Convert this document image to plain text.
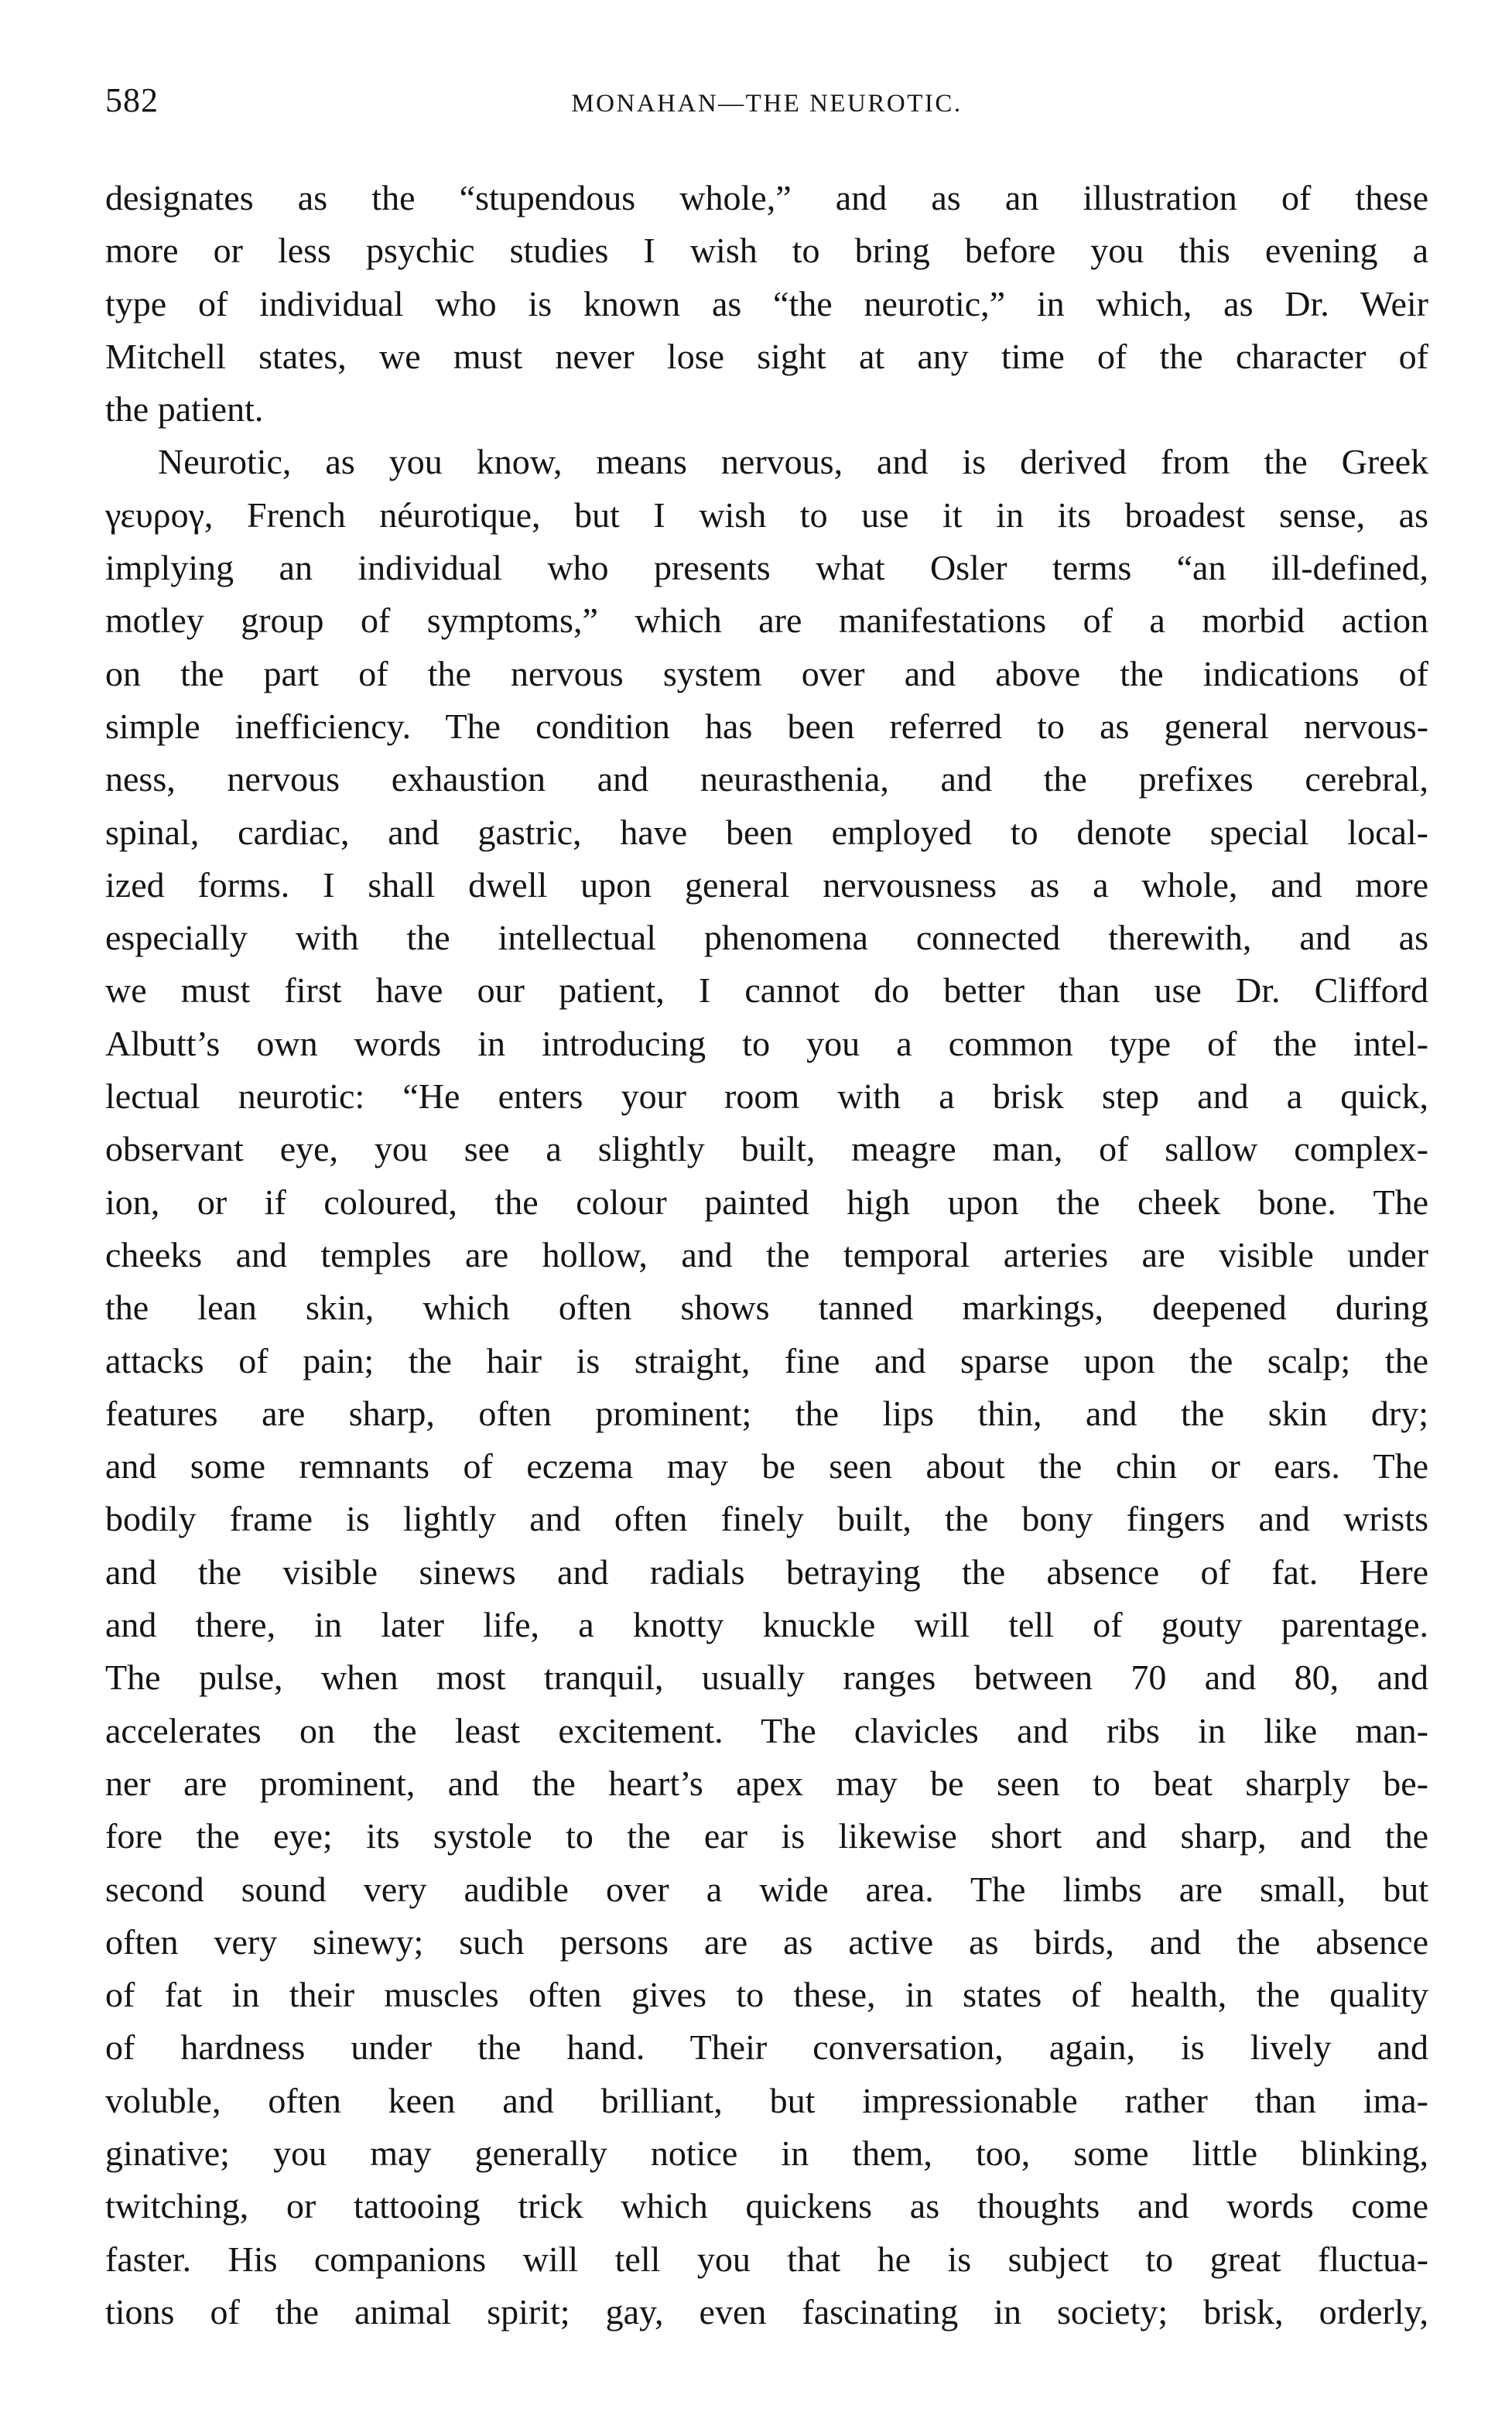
582	MONAHAN—THE NEUROTIC.
designates as the “stupendous whole,” and as an illustration of these
more or less psychic studies I wish to bring before you this evening a
type of individual who is known as “the neurotic,” in which, as Dr. Weir
Mitchell states, we must never lose sight at any time of the character of
the patient.
Neurotic, as you know, means nervous, and is derived from the Greek
γευρογ, French néurotique, but I wish to use it in its broadest sense, as
implying an individual who presents what Osler terms “an ill-defined,
motley group of symptoms,” which are manifestations of a morbid action
on the part of the nervous system over and above the indications of
simple inefficiency. The condition has been referred to as general nervous-
ness, nervous exhaustion and neurasthenia, and the prefixes cerebral,
spinal, cardiac, and gastric, have been employed to denote special local-
ized forms. I shall dwell upon general nervousness as a whole, and more
especially with the intellectual phenomena connected therewith, and as
we must first have our patient, I cannot do better than use Dr. Clifford
Albutt’s own words in introducing to you a common type of the intel-
lectual neurotic: “He enters your room with a brisk step and a quick,
observant eye, you see a slightly built, meagre man, of sallow complex-
ion, or if coloured, the colour painted high upon the cheek bone. The
cheeks and temples are hollow, and the temporal arteries are visible under
the lean skin, which often shows tanned markings, deepened during
attacks of pain; the hair is straight, fine and sparse upon the scalp; the
features are sharp, often prominent; the lips thin, and the skin dry;
and some remnants of eczema may be seen about the chin or ears. The
bodily frame is lightly and often finely built, the bony fingers and wrists
and the visible sinews and radials betraying the absence of fat. Here
and there, in later life, a knotty knuckle will tell of gouty parentage.
The pulse, when most tranquil, usually ranges between 70 and 80, and
accelerates on the least excitement. The clavicles and ribs in like man-
ner are prominent, and the heart’s apex may be seen to beat sharply be-
fore the eye; its systole to the ear is likewise short and sharp, and the
second sound very audible over a wide area. The limbs are small, but
often very sinewy; such persons are as active as birds, and the absence
of fat in their muscles often gives to these, in states of health, the quality
of hardness under the hand. Their conversation, again, is lively and
voluble, often keen and brilliant, but impressionable rather than ima-
ginative; you may generally notice in them, too, some little blinking,
twitching, or tattooing trick which quickens as thoughts and words come
faster. His companions will tell you that he is subject to great fluctua-
tions of the animal spirit; gay, even fascinating in society; brisk, orderly,
